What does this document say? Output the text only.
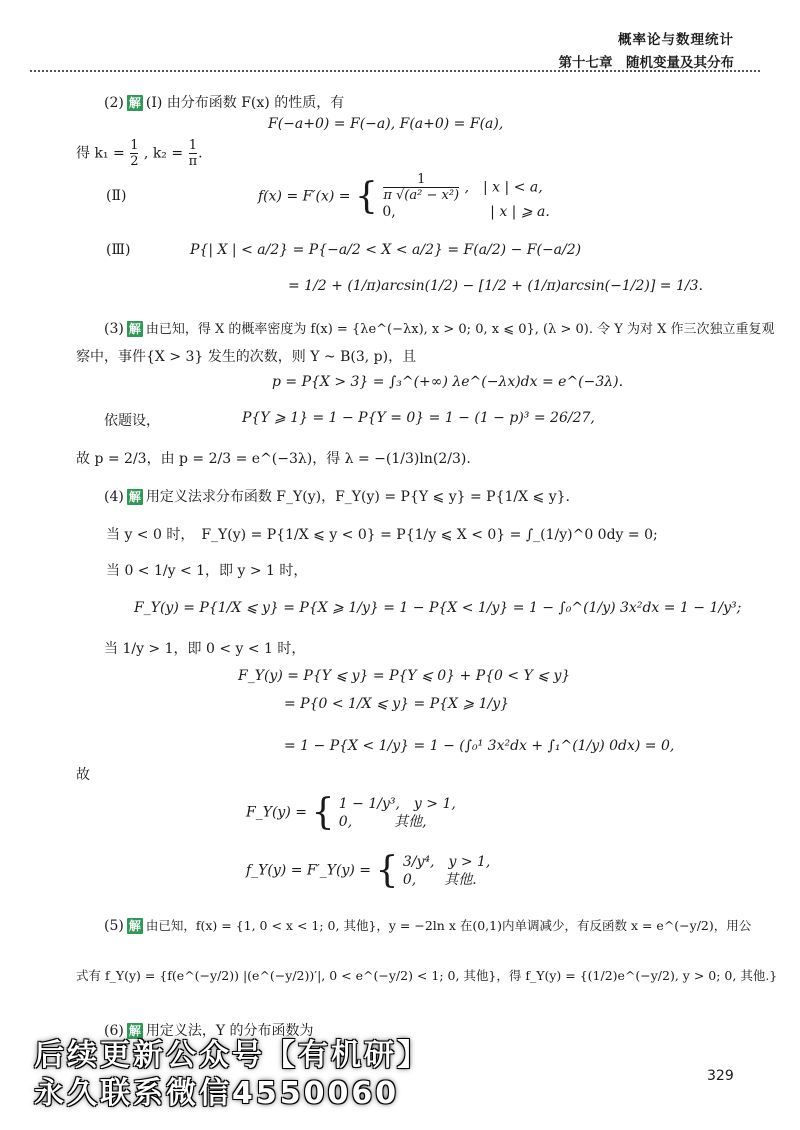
概率论与数理统计
第十七章　随机变量及其分布
(2) 解 (Ⅰ) 由分布函数 F(x) 的性质，有
F(−a+0) = F(−a), F(a+0) = F(a),
得 $k_1 = \frac{1}{2}$ , $k_2 = \frac{1}{\pi}$ .
(Ⅱ)	f(x) = F′(x) = { $\frac{1}{\text{π √(a² − x²)}}$ ,　| x | < a,
0,	| x | ⩾ a.
(Ⅲ)	P{| X | < a/2} = P{−a/2 < X < a/2} = F(a/2) − F(−a/2)
= 1/2 + (1/π)arcsin(1/2) − [1/2 + (1/π)arcsin(−1/2)] = 1/3.
(3) 解 由已知，得 X 的概率密度为 f(x) = {λe^(−λx), x > 0; 0, x ⩽ 0}, (λ > 0). 令 Y 为对 X 作三次独立重复观
察中，事件{X > 3} 发生的次数，则 Y ~ B(3, p)，且
p = P{X > 3} = ∫₃^(+∞) λe^(−λx)dx = e^(−3λ).
依题设，	P{Y ⩾ 1} = 1 − P{Y = 0} = 1 − (1 − p)³ = 26/27,
故 p = 2/3，由 p = 2/3 = e^(−3λ)，得 λ = −(1/3)ln(2/3).
(4) 解 用定义法求分布函数 F_Y(y)，F_Y(y) = P{Y ⩽ y} = P{1/X ⩽ y}.
当 y < 0 时，　F_Y(y) = P{1/X ⩽ y < 0} = P{1/y ⩽ X < 0} = ∫_(1/y)^0 0dy = 0;
当 0 < 1/y < 1，即 y > 1 时，
F_Y(y) = P{1/X ⩽ y} = P{X ⩾ 1/y} = 1 − P{X < 1/y} = 1 − ∫₀^(1/y) 3x²dx = 1 − 1/y³;
当 1/y > 1，即 0 < y < 1 时，
F_Y(y) = P{Y ⩽ y} = P{Y ⩽ 0} + P{0 < Y ⩽ y}
= P{0 < 1/X ⩽ y} = P{X ⩾ 1/y}
= 1 − P{X < 1/y} = 1 − (∫₀¹ 3x²dx + ∫₁^(1/y) 0dx) = 0,
故
F_Y(y) = { 1 − 1/y³,　y > 1,
0,　　　其他,
f_Y(y) = F′_Y(y) = { 3/y⁴,　y > 1,
0,　　其他.
(5) 解 由已知，f(x) = {1, 0 < x < 1; 0, 其他}，y = −2ln x 在(0,1)内单调减少，有反函数 x = e^(−y/2)，用公
式有 f_Y(y) = {f(e^(−y/2)) |(e^(−y/2))′|, 0 < e^(−y/2) < 1; 0, 其他}，得 f_Y(y) = {(1/2)e^(−y/2), y > 0; 0, 其他.}
(6) 解 用定义法，Y 的分布函数为
329
后续更新公众号【有机研】
永久联系微信4550060
